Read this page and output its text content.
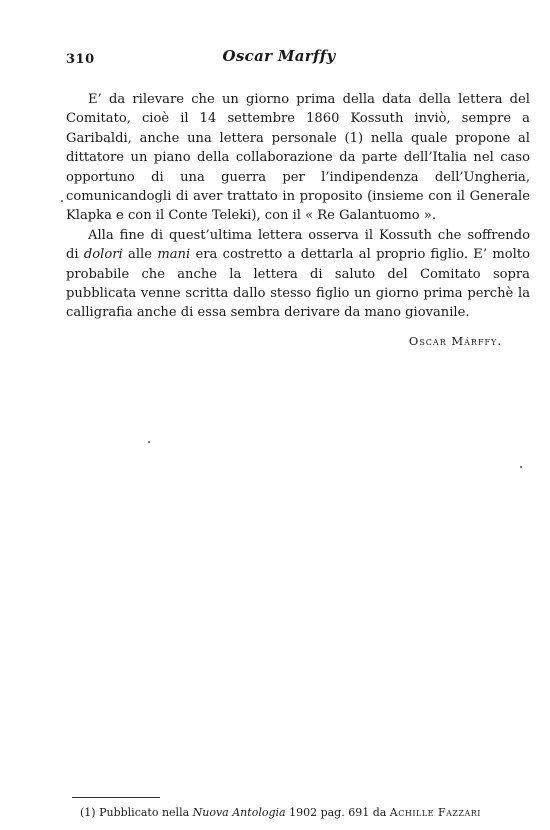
310	Oscar Marffy

E’ da rilevare che un giorno prima della data della lettera del Comitato, cioè il 14 settembre 1860 Kossuth inviò, sempre a Garibaldi, anche una lettera personale (1) nella quale propone al dittatore un piano della collaborazione da parte dell’Italia nel caso opportuno di una guerra per l’indipendenza dell’Ungheria, comunicandogli di aver trattato in proposito (insieme con il Generale Klapka e con il Conte Teleki), con il « Re Galantuomo ».

Alla fine di quest’ultima lettera osserva il Kossuth che soffrendo di dolori alle mani era costretto a dettarla al proprio figlio. E’ molto probabile che anche la lettera di saluto del Comitato sopra pubblicata venne scritta dallo stesso figlio un giorno prima perchè la calligrafia anche di essa sembra derivare da mano giovanile.

Oscar Márffy.
(1) Pubblicato nella Nuova Antologia 1902 pag. 691 da Achille Fazzari
